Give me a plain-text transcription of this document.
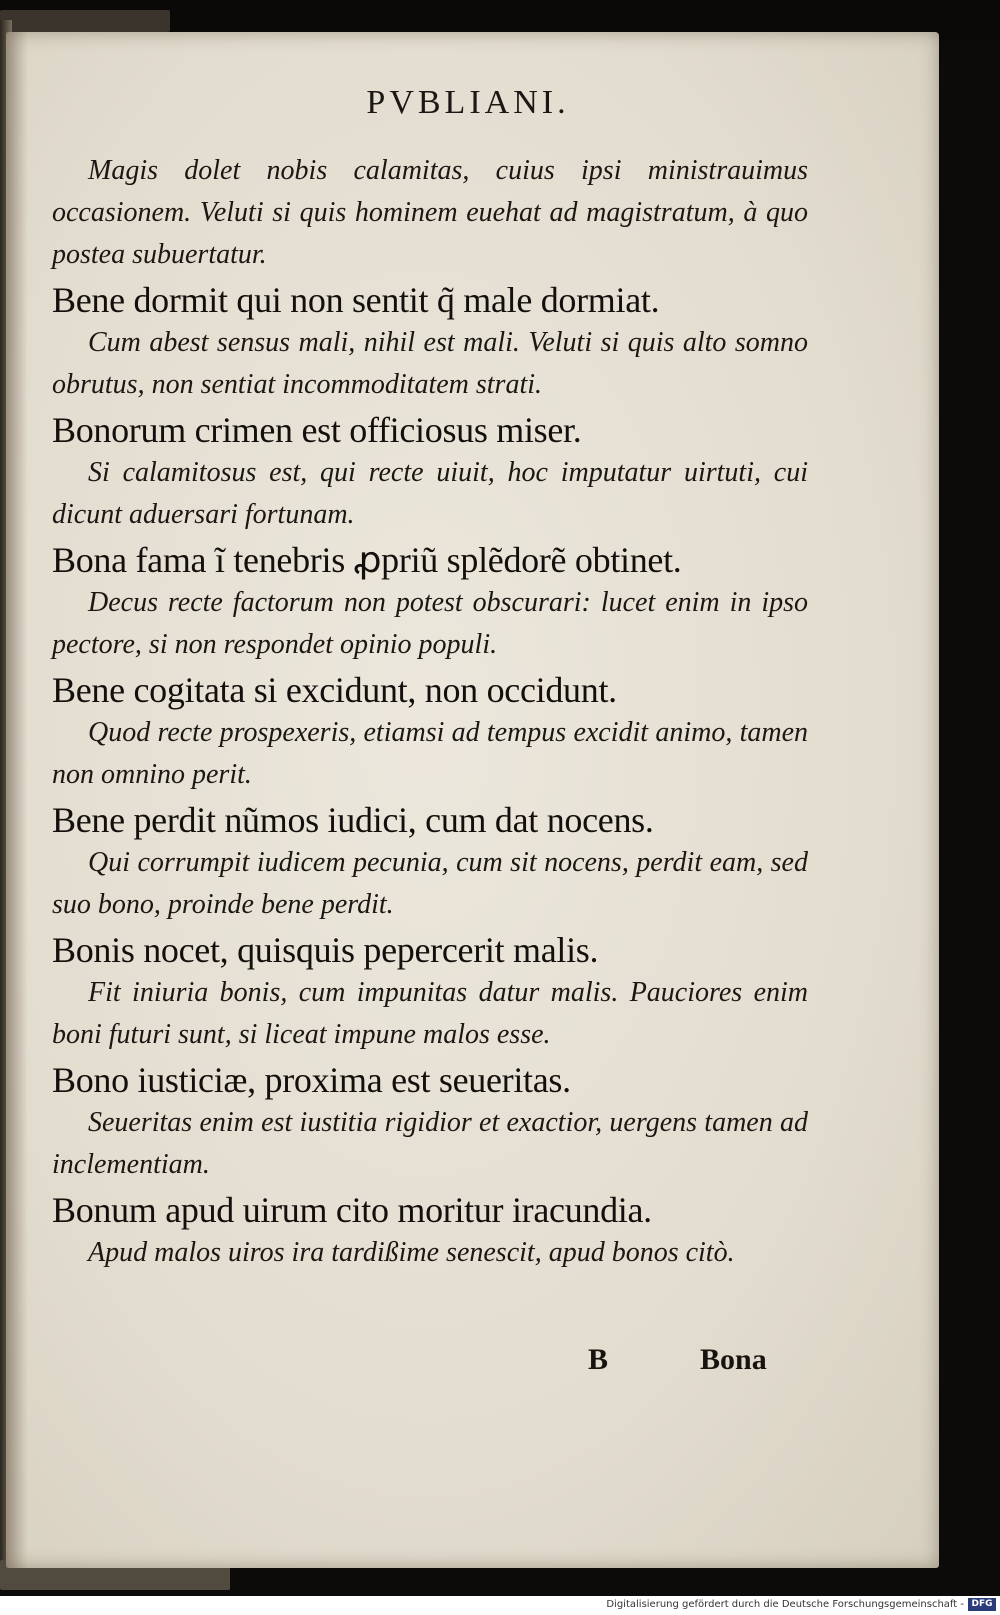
PVBLIANI.

Magis dolet nobis calamitas, cuius ipsi ministrauimus occasionem. Veluti si quis hominem euehat ad magistratum, à quo postea subuertatur.

Bene dormit qui non sentit q̃ male dormiat.

Cum abest sensus mali, nihil est mali. Veluti si quis alto somno obrutus, non sentiat incommoditatem strati.

Bonorum crimen est officiosus miser.

Si calamitosus est, qui recte uiuit, hoc imputatur uirtuti, cui dicunt aduersari fortunam.

Bona fama ĩ tenebris ꝓpriũ splẽdorẽ obtinet.

Decus recte factorum non potest obscurari: lucet enim in ipso pectore, si non respondet opinio populi.

Bene cogitata si excidunt, non occidunt.

Quod recte prospexeris, etiamsi ad tempus excidit animo, tamen non omnino perit.

Bene perdit nũmos iudici, cum dat nocens.

Qui corrumpit iudicem pecunia, cum sit nocens, perdit eam, sed suo bono, proinde bene perdit.

Bonis nocet, quisquis pepercerit malis.

Fit iniuria bonis, cum impunitas datur malis. Pauciores enim boni futuri sunt, si liceat impune malos esse.

Bono iusticiæ, proxima est seueritas.

Seueritas enim est iustitia rigidior et exactior, uergens tamen ad inclementiam.

Bonum apud uirum cito moritur iracundia.

Apud malos uiros ira tardißime senescit, apud bonos citò.

B	Bona
Digitalisierung gefördert durch die Deutsche Forschungsgemeinschaft - DFG
